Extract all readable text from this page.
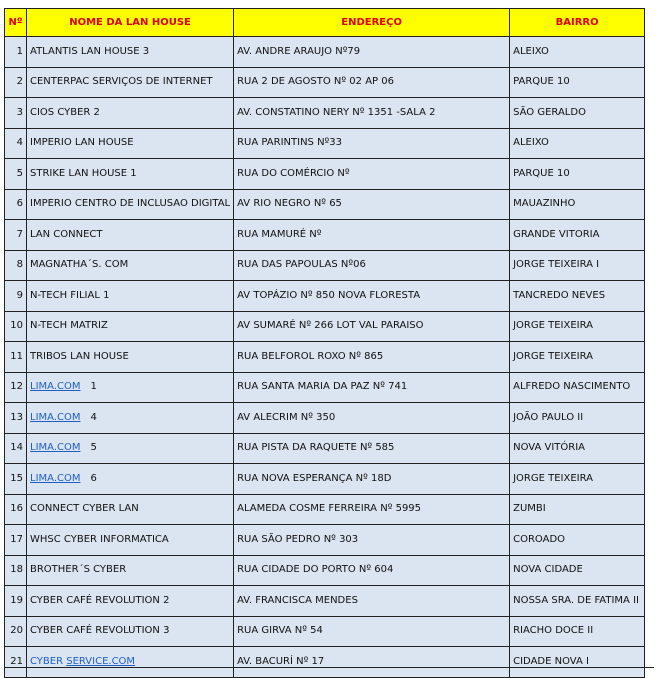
Nº	NOME DA LAN HOUSE	ENDEREÇO	BAIRRO
1	ATLANTIS LAN HOUSE 3	AV. ANDRE ARAUJO Nº79	ALEIXO
2	CENTERPAC SERVIÇOS DE INTERNET	RUA 2 DE AGOSTO Nº 02 AP 06	PARQUE 10
3	CIOS CYBER 2	AV. CONSTATINO NERY Nº 1351 -SALA 2	SÃO GERALDO
4	IMPERIO LAN HOUSE	RUA PARINTINS Nº33	ALEIXO
5	STRIKE LAN HOUSE 1	RUA DO COMÉRCIO Nº	PARQUE 10
6	IMPERIO CENTRO DE INCLUSAO DIGITAL	AV RIO NEGRO Nº 65	MAUAZINHO
7	LAN CONNECT	RUA MAMURÉ Nº	GRANDE VITORIA
8	MAGNATHA´S. COM	RUA DAS PAPOULAS Nº06	JORGE TEIXEIRA I
9	N-TECH FILIAL 1	AV TOPÁZIO Nº 850 NOVA FLORESTA	TANCREDO NEVES
10	N-TECH MATRIZ	AV SUMARÉ Nº 266 LOT VAL PARAISO	JORGE TEIXEIRA
11	TRIBOS LAN HOUSE	RUA BELFOROL ROXO Nº 865	JORGE TEIXEIRA
12	LIMA.COM 1	RUA SANTA MARIA DA PAZ Nº 741	ALFREDO NASCIMENTO
13	LIMA.COM 4	AV ALECRIM Nº 350	JOÃO PAULO II
14	LIMA.COM 5	RUA PISTA DA RAQUETE Nº 585	NOVA VITÓRIA
15	LIMA.COM 6	RUA NOVA ESPERANÇA Nº 18D	JORGE TEIXEIRA
16	CONNECT CYBER LAN	ALAMEDA COSME FERREIRA Nº 5995	ZUMBI
17	WHSC CYBER INFORMATICA	RUA SÃO PEDRO Nº 303	COROADO
18	BROTHER´S CYBER	RUA CIDADE DO PORTO Nº 604	NOVA CIDADE
19	CYBER CAFÉ REVOLUTION 2	AV. FRANCISCA MENDES	NOSSA SRA. DE FATIMA II
20	CYBER CAFÉ REVOLUTION 3	RUA GIRVA Nº 54	RIACHO DOCE II
21	CYBER SERVICE.COM	AV. BACURÍ Nº 17	CIDADE NOVA I
